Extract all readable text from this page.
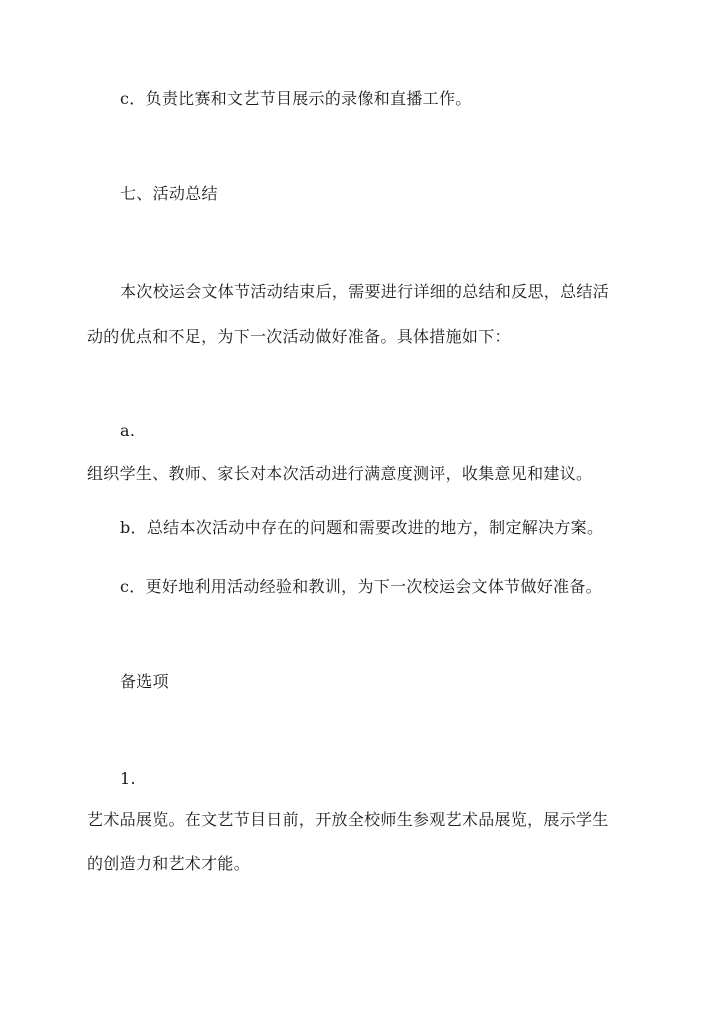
c．负责比赛和文艺节目展示的录像和直播工作。
七、活动总结
本次校运会文体节活动结束后，需要进行详细的总结和反思，总结活
动的优点和不足，为下一次活动做好准备。具体措施如下：
a.
组织学生、教师、家长对本次活动进行满意度测评，收集意见和建议。
b．总结本次活动中存在的问题和需要改进的地方，制定解决方案。
c．更好地利用活动经验和教训，为下一次校运会文体节做好准备。
备选项
1.
艺术品展览。在文艺节目日前，开放全校师生参观艺术品展览，展示学生
的创造力和艺术才能。
